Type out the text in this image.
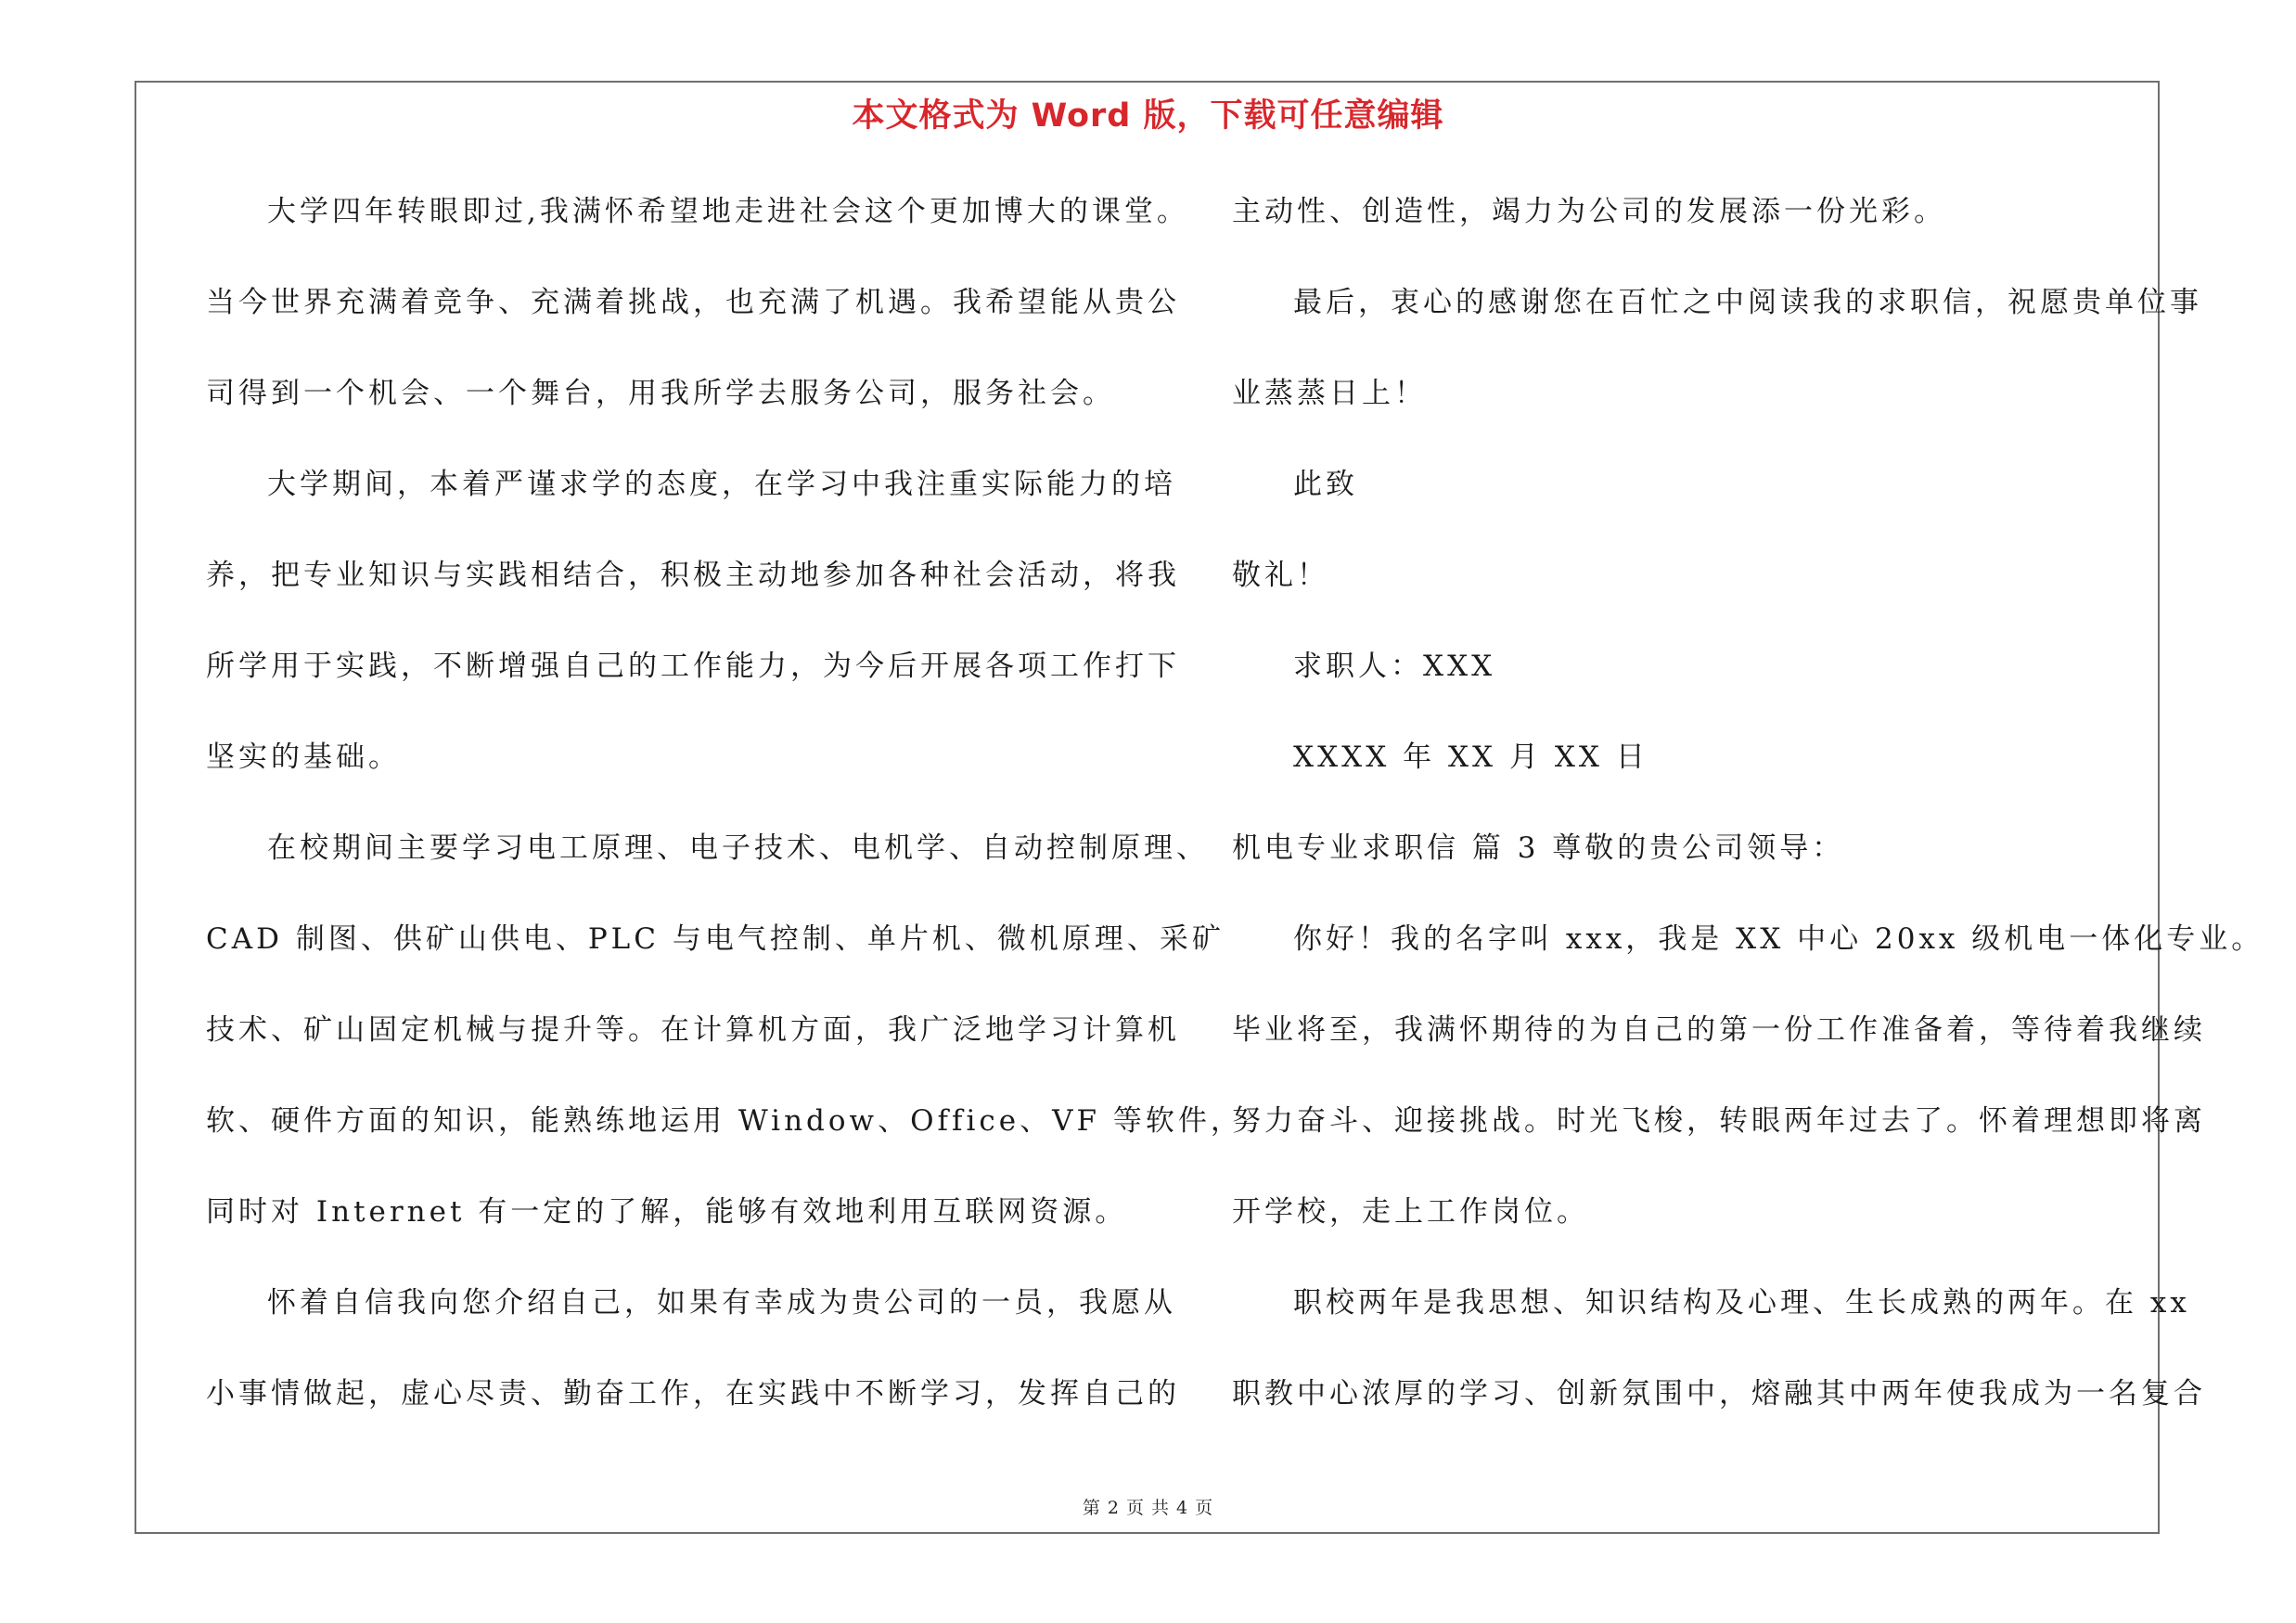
本文格式为 Word 版，下载可任意编辑
大学四年转眼即过,我满怀希望地走进社会这个更加博大的课堂。
当今世界充满着竞争、充满着挑战，也充满了机遇。我希望能从贵公
司得到一个机会、一个舞台，用我所学去服务公司，服务社会。
大学期间，本着严谨求学的态度，在学习中我注重实际能力的培
养，把专业知识与实践相结合，积极主动地参加各种社会活动，将我
所学用于实践，不断增强自己的工作能力，为今后开展各项工作打下
坚实的基础。
在校期间主要学习电工原理、电子技术、电机学、自动控制原理、
CAD 制图、供矿山供电、PLC 与电气控制、单片机、微机原理、采矿
技术、矿山固定机械与提升等。在计算机方面，我广泛地学习计算机
软、硬件方面的知识，能熟练地运用 Window、Office、VF 等软件，
同时对 Internet 有一定的了解，能够有效地利用互联网资源。
怀着自信我向您介绍自己，如果有幸成为贵公司的一员，我愿从
小事情做起，虚心尽责、勤奋工作，在实践中不断学习，发挥自己的
主动性、创造性，竭力为公司的发展添一份光彩。
最后，衷心的感谢您在百忙之中阅读我的求职信，祝愿贵单位事
业蒸蒸日上！
此致
敬礼！
求职人：XXX
XXXX 年 XX 月 XX 日
机电专业求职信 篇 3 尊敬的贵公司领导：
你好！我的名字叫 xxx，我是 XX 中心 20xx 级机电一体化专业。
毕业将至，我满怀期待的为自己的第一份工作准备着，等待着我继续
努力奋斗、迎接挑战。时光飞梭，转眼两年过去了。怀着理想即将离
开学校，走上工作岗位。
职校两年是我思想、知识结构及心理、生长成熟的两年。在 xx
职教中心浓厚的学习、创新氛围中，熔融其中两年使我成为一名复合
第 2 页 共 4 页
